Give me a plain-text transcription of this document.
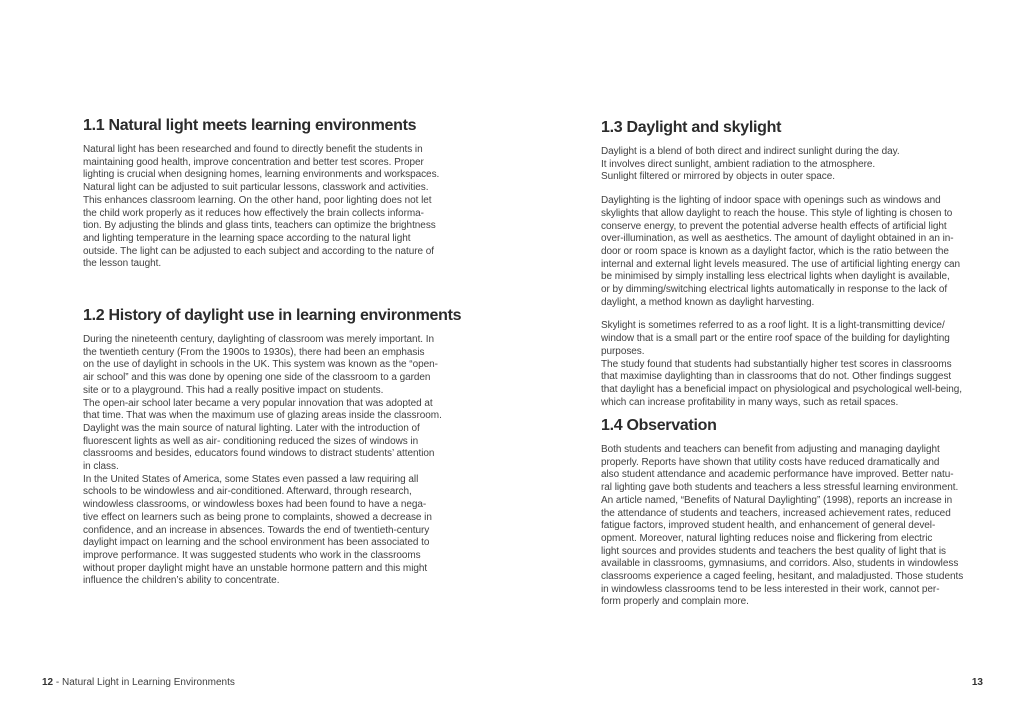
1.1 Natural light meets learning environments
Natural light has been researched and found to directly benefit the students in
maintaining good health, improve concentration and better test scores. Proper
lighting is crucial when designing homes, learning environments and workspaces.
Natural light can be adjusted to suit particular lessons, classwork and activities.
This enhances classroom learning. On the other hand, poor lighting does not let
the child work properly as it reduces how effectively the brain collects informa-
tion. By adjusting the blinds and glass tints, teachers can optimize the brightness
and lighting temperature in the learning space according to the natural light
outside. The light can be adjusted to each subject and according to the nature of
the lesson taught.
1.2 History of daylight use in learning environments
During the nineteenth century, daylighting of classroom was merely important. In
the twentieth century (From the 1900s to 1930s), there had been an emphasis
on the use of daylight in schools in the UK. This system was known as the “open-
air school” and this was done by opening one side of the classroom to a garden
site or to a playground. This had a really positive impact on students.
The open-air school later became a very popular innovation that was adopted at
that time. That was when the maximum use of glazing areas inside the classroom.
Daylight was the main source of natural lighting. Later with the introduction of
fluorescent lights as well as air- conditioning reduced the sizes of windows in
classrooms and besides, educators found windows to distract students’ attention
in class.
In the United States of America, some States even passed a law requiring all
schools to be windowless and air-conditioned. Afterward, through research,
windowless classrooms, or windowless boxes had been found to have a nega-
tive effect on learners such as being prone to complaints, showed a decrease in
confidence, and an increase in absences. Towards the end of twentieth-century
daylight impact on learning and the school environment has been associated to
improve performance. It was suggested students who work in the classrooms
without proper daylight might have an unstable hormone pattern and this might
influence the children’s ability to concentrate.
1.3 Daylight and skylight
Daylight is a blend of both direct and indirect sunlight during the day.
It involves direct sunlight, ambient radiation to the atmosphere.
Sunlight filtered or mirrored by objects in outer space.
Daylighting is the lighting of indoor space with openings such as windows and
skylights that allow daylight to reach the house. This style of lighting is chosen to
conserve energy, to prevent the potential adverse health effects of artificial light
over-illumination, as well as aesthetics. The amount of daylight obtained in an in-
door or room space is known as a daylight factor, which is the ratio between the
internal and external light levels measured. The use of artificial lighting energy can
be minimised by simply installing less electrical lights when daylight is available,
or by dimming/switching electrical lights automatically in response to the lack of
daylight, a method known as daylight harvesting.
Skylight is sometimes referred to as a roof light. It is a light-transmitting device/
window that is a small part or the entire roof space of the building for daylighting
purposes.
The study found that students had substantially higher test scores in classrooms
that maximise daylighting than in classrooms that do not. Other findings suggest
that daylight has a beneficial impact on physiological and psychological well-being,
which can increase profitability in many ways, such as retail spaces.
1.4 Observation
Both students and teachers can benefit from adjusting and managing daylight
properly. Reports have shown that utility costs have reduced dramatically and
also student attendance and academic performance have improved. Better natu-
ral lighting gave both students and teachers a less stressful learning environment.
An article named, “Benefits of Natural Daylighting” (1998), reports an increase in
the attendance of students and teachers, increased achievement rates, reduced
fatigue factors, improved student health, and enhancement of general devel-
opment. Moreover, natural lighting reduces noise and flickering from electric
light sources and provides students and teachers the best quality of light that is
available in classrooms, gymnasiums, and corridors. Also, students in windowless
classrooms experience a caged feeling, hesitant, and maladjusted. Those students
in windowless classrooms tend to be less interested in their work, cannot per-
form properly and complain more.
12 - Natural Light in Learning Environments	13
